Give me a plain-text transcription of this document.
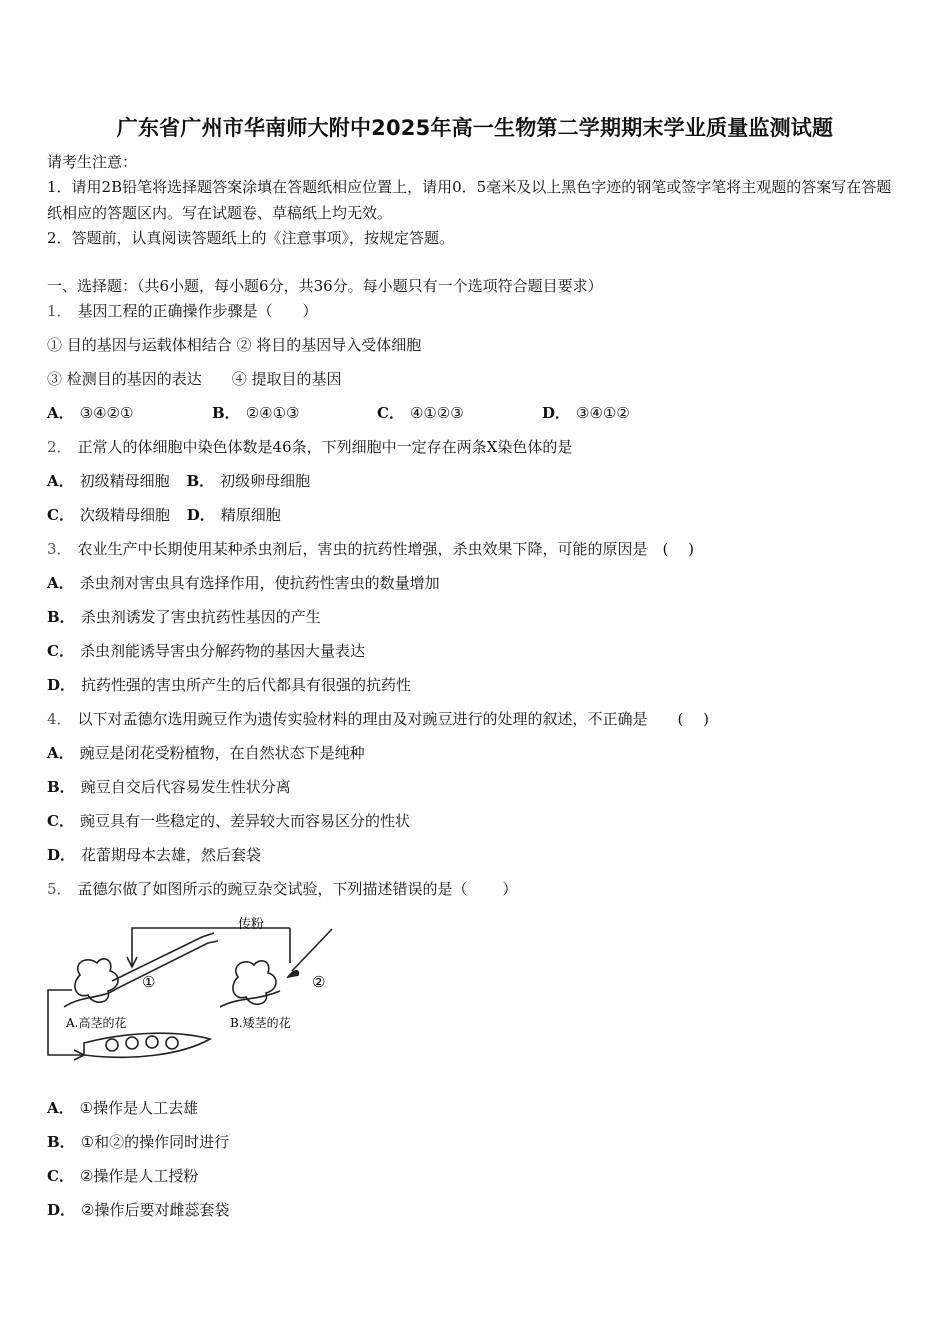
广东省广州市华南师大附中2025年高一生物第二学期期末学业质量监测试题
请考生注意：
1．请用2B铅笔将选择题答案涂填在答题纸相应位置上，请用0．5毫米及以上黑色字迹的钢笔或签字笔将主观题的答案写在答题纸相应的答题区内。写在试题卷、草稿纸上均无效。
2．答题前，认真阅读答题纸上的《注意事项》，按规定答题。
一、选择题：（共6小题，每小题6分，共36分。每小题只有一个选项符合题目要求）
1． 基因工程的正确操作步骤是（　　）
① 目的基因与运载体相结合 ② 将目的基因导入受体细胞
③ 检测目的基因的表达　　④ 提取目的基因
A． ③④②①	B． ②④①③	C． ④①②③	D． ③④①②
2． 正常人的体细胞中染色体数是46条，下列细胞中一定存在两条X染色体的是
A． 初级精母细胞 B． 初级卵母细胞
C． 次级精母细胞 D． 精原细胞
3． 农业生产中长期使用某种杀虫剂后，害虫的抗药性增强，杀虫效果下降，可能的原因是　( 　)
A． 杀虫剂对害虫具有选择作用，使抗药性害虫的数量增加
B． 杀虫剂诱发了害虫抗药性基因的产生
C． 杀虫剂能诱导害虫分解药物的基因大量表达
D． 抗药性强的害虫所产生的后代都具有很强的抗药性
4． 以下对孟德尔选用豌豆作为遗传实验材料的理由及对豌豆进行的处理的叙述，不正确是　　(　 )
A． 豌豆是闭花受粉植物，在自然状态下是纯种
B． 豌豆自交后代容易发生性状分离
C． 豌豆具有一些稳定的、差异较大而容易区分的性状
D． 花蕾期母本去雄，然后套袋
5． 孟德尔做了如图所示的豌豆杂交试验，下列描述错误的是（　　 ）
传粉
①	②
A.高茎的花	B.矮茎的花
A． ①操作是人工去雄
B． ①和②的操作同时进行
C． ②操作是人工授粉
D． ②操作后要对雌蕊套袋
